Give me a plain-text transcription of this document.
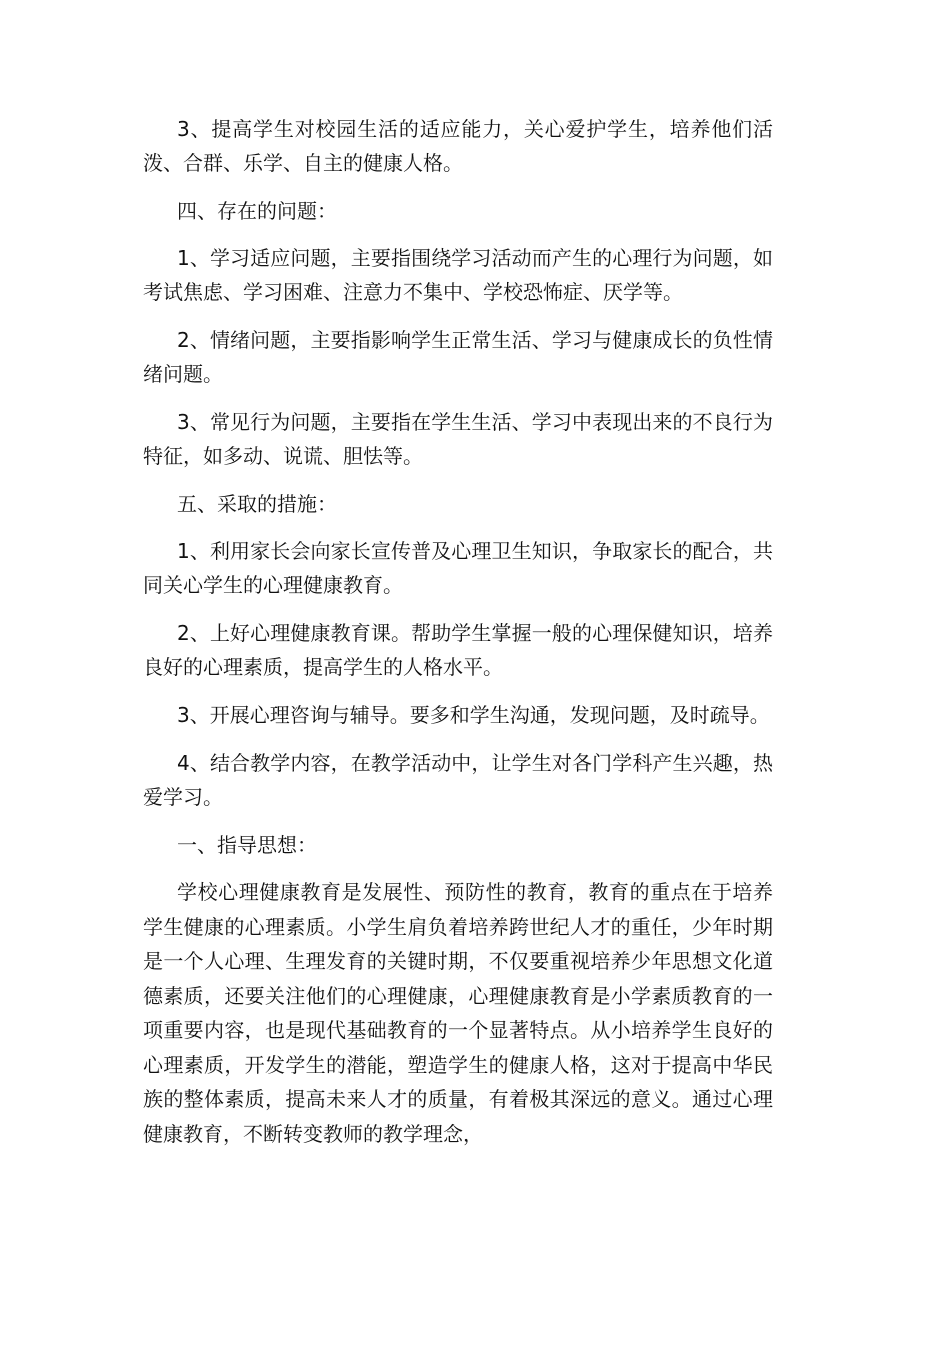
3、提高学生对校园生活的适应能力，关心爱护学生，培养他们活泼、合群、乐学、自主的健康人格。

四、存在的问题：

1、学习适应问题，主要指围绕学习活动而产生的心理行为问题，如考试焦虑、学习困难、注意力不集中、学校恐怖症、厌学等。

2、情绪问题，主要指影响学生正常生活、学习与健康成长的负性情绪问题。

3、常见行为问题，主要指在学生生活、学习中表现出来的不良行为特征，如多动、说谎、胆怯等。

五、采取的措施：

1、利用家长会向家长宣传普及心理卫生知识，争取家长的配合，共同关心学生的心理健康教育。

2、上好心理健康教育课。帮助学生掌握一般的心理保健知识，培养良好的心理素质，提高学生的人格水平。

3、开展心理咨询与辅导。要多和学生沟通，发现问题，及时疏导。

4、结合教学内容，在教学活动中，让学生对各门学科产生兴趣，热爱学习。

一、指导思想：

学校心理健康教育是发展性、预防性的教育，教育的重点在于培养学生健康的心理素质。小学生肩负着培养跨世纪人才的重任，少年时期是一个人心理、生理发育的关键时期，不仅要重视培养少年思想文化道德素质，还要关注他们的心理健康，心理健康教育是小学素质教育的一项重要内容，也是现代基础教育的一个显著特点。从小培养学生良好的心理素质，开发学生的潜能，塑造学生的健康人格，这对于提高中华民族的整体素质，提高未来人才的质量，有着极其深远的意义。通过心理健康教育，不断转变教师的教学理念，
